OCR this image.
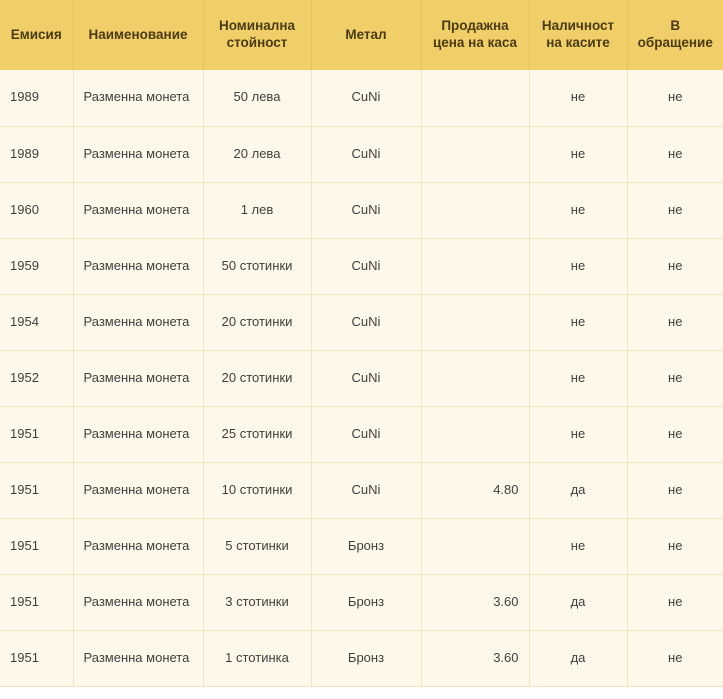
Емисия	Наименование	Номинална стойност	Метал	Продажна цена на каса	Наличност на касите	В обращение
1989	Разменна монета	50 лева	CuNi		не	не
1989	Разменна монета	20 лева	CuNi		не	не
1960	Разменна монета	1 лев	CuNi		не	не
1959	Разменна монета	50 стотинки	CuNi		не	не
1954	Разменна монета	20 стотинки	CuNi		не	не
1952	Разменна монета	20 стотинки	CuNi		не	не
1951	Разменна монета	25 стотинки	CuNi		не	не
1951	Разменна монета	10 стотинки	CuNi	4.80	да	не
1951	Разменна монета	5 стотинки	Бронз		не	не
1951	Разменна монета	3 стотинки	Бронз	3.60	да	не
1951	Разменна монета	1 стотинка	Бронз	3.60	да	не
